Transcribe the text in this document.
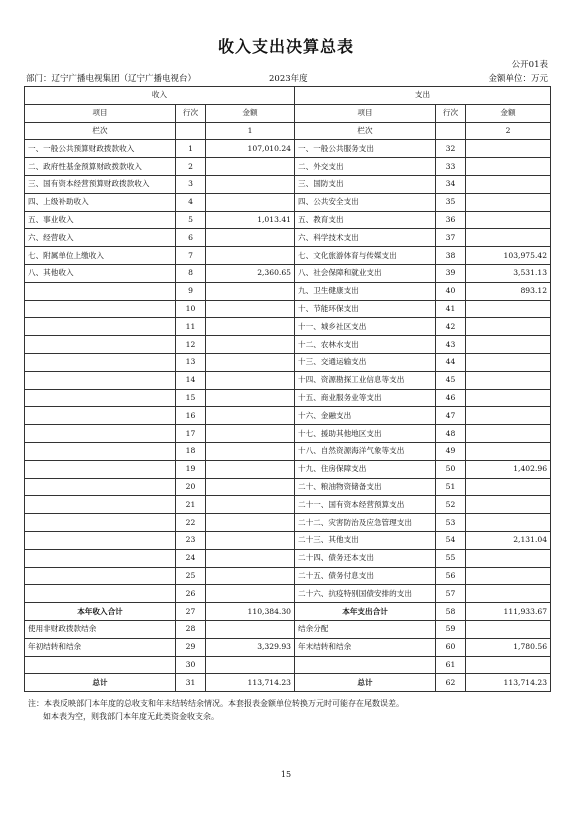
收入支出决算总表
公开01表
部门：辽宁广播电视集团（辽宁广播电视台）	2023年度	金额单位：万元
收入			支出		
项目	行次	金额	项目	行次	金额
栏次		1	栏次		2
一、一般公共预算财政拨款收入	1	107,010.24	一、一般公共服务支出	32	
二、政府性基金预算财政拨款收入	2		二、外交支出	33	
三、国有资本经营预算财政拨款收入	3		三、国防支出	34	
四、上级补助收入	4		四、公共安全支出	35	
五、事业收入	5	1,013.41	五、教育支出	36	
六、经营收入	6		六、科学技术支出	37	
七、附属单位上缴收入	7		七、文化旅游体育与传媒支出	38	103,975.42
八、其他收入	8	2,360.65	八、社会保障和就业支出	39	3,531.13
	9		九、卫生健康支出	40	893.12
	10		十、节能环保支出	41	
	11		十一、城乡社区支出	42	
	12		十二、农林水支出	43	
	13		十三、交通运输支出	44	
	14		十四、资源勘探工业信息等支出	45	
	15		十五、商业服务业等支出	46	
	16		十六、金融支出	47	
	17		十七、援助其他地区支出	48	
	18		十八、自然资源海洋气象等支出	49	
	19		十九、住房保障支出	50	1,402.96
	20		二十、粮油物资储备支出	51	
	21		二十一、国有资本经营预算支出	52	
	22		二十二、灾害防治及应急管理支出	53	
	23		二十三、其他支出	54	2,131.04
	24		二十四、债务还本支出	55	
	25		二十五、债务付息支出	56	
	26		二十六、抗疫特别国债安排的支出	57	
本年收入合计	27	110,384.30	本年支出合计	58	111,933.67
使用非财政拨款结余	28		结余分配	59	
年初结转和结余	29	3,329.93	年末结转和结余	60	1,780.56
	30			61	
总计	31	113,714.23	总计	62	113,714.23
注：本表反映部门本年度的总收支和年末结转结余情况。本套报表金额单位转换万元时可能存在尾数误差。
如本表为空，则我部门本年度无此类资金收支余。
15
